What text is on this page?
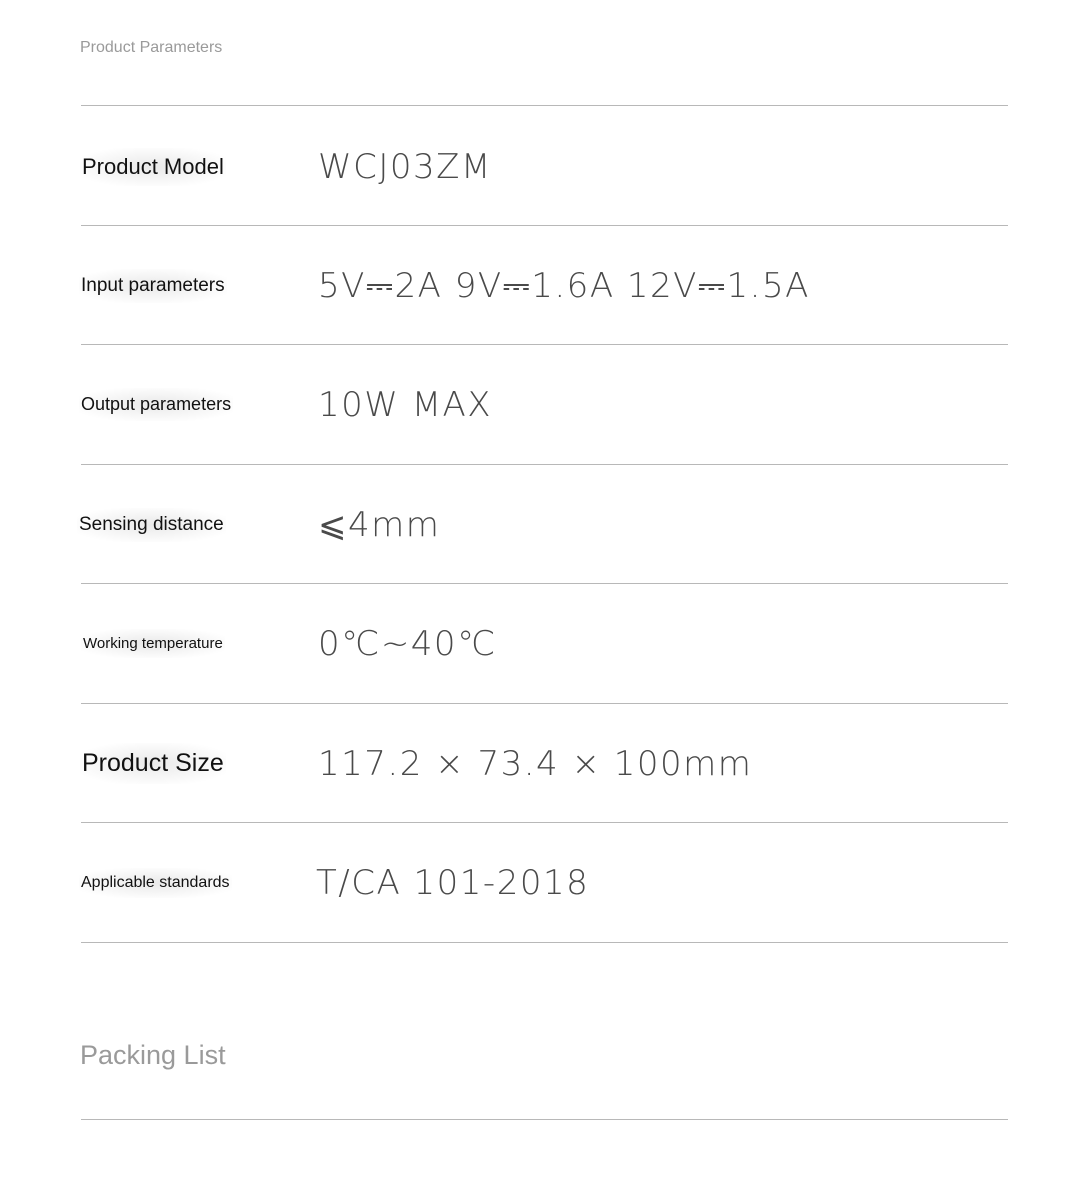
Product Parameters
Product Model	WCJ03ZM
Input parameters	5V⎓2A 9V⎓1.6A 12V⎓1.5A
Output parameters	10W MAX
Sensing distance	⩽4mm
Working temperature	0℃~40℃
Product Size	117.2 × 73.4 × 100mm
Applicable standards	T/CA 101-2018
Packing List
